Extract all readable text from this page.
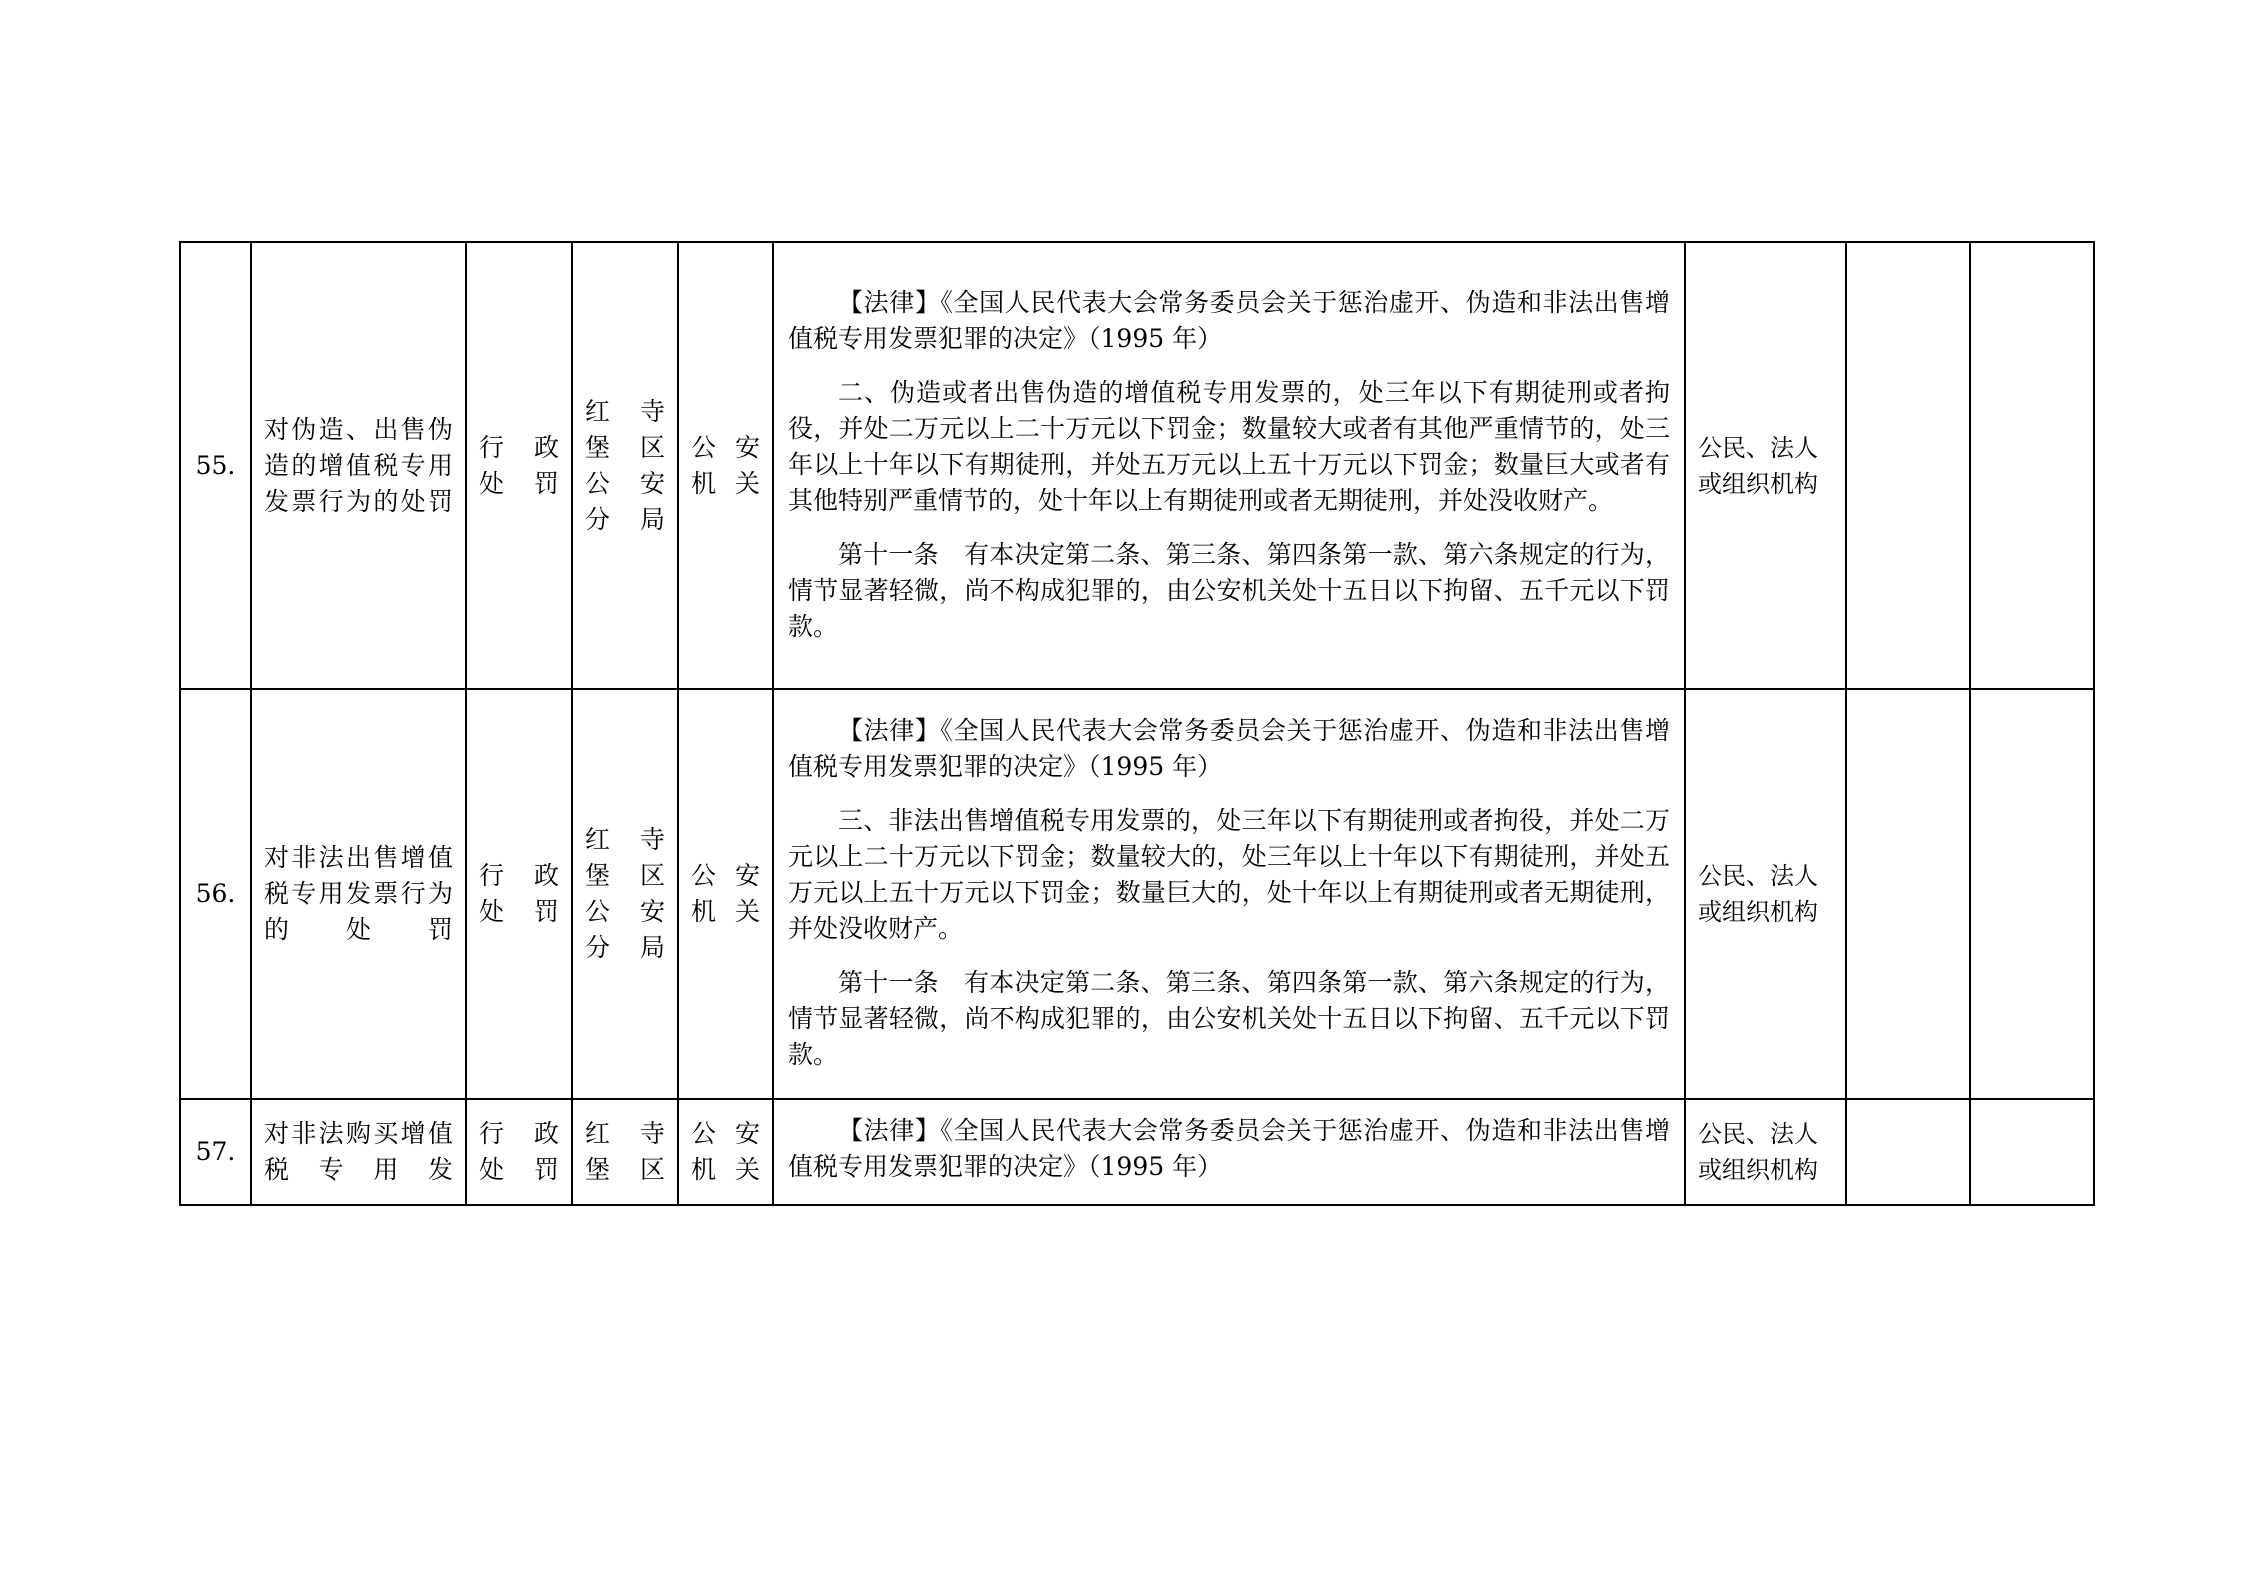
55.	对伪造、出售伪造的增值税专用发票行为的处罚	行 政 处罚	红 寺 堡 区 公 安 分局	公 安 机关	【法律】《全国人民代表大会常务委员会关于惩治虚开、伪造和非法出售增值税专用发票犯罪的决定》（1995 年）

二、伪造或者出售伪造的增值税专用发票的，处三年以下有期徒刑或者拘役，并处二万元以上二十万元以下罚金；数量较大或者有其他严重情节的，处三年以上十年以下有期徒刑，并处五万元以上五十万元以下罚金；数量巨大或者有其他特别严重情节的，处十年以上有期徒刑或者无期徒刑，并处没收财产。

第十一条　有本决定第二条、第三条、第四条第一款、第六条规定的行为，情节显著轻微，尚不构成犯罪的，由公安机关处十五日以下拘留、五千元以下罚款。	公民、法人或组织机构		
56.	对非法出售增值税专用发票行为的处罚	行 政 处罚	红 寺 堡 区 公 安 分局	公 安 机关	【法律】《全国人民代表大会常务委员会关于惩治虚开、伪造和非法出售增值税专用发票犯罪的决定》（1995 年）

三、非法出售增值税专用发票的，处三年以下有期徒刑或者拘役，并处二万元以上二十万元以下罚金；数量较大的，处三年以上十年以下有期徒刑，并处五万元以上五十万元以下罚金；数量巨大的，处十年以上有期徒刑或者无期徒刑，并处没收财产。

第十一条　有本决定第二条、第三条、第四条第一款、第六条规定的行为，情节显著轻微，尚不构成犯罪的，由公安机关处十五日以下拘留、五千元以下罚款。	公民、法人或组织机构		
57.	对非法购买增值税专用发	行 政 处罚	红 寺 堡 区	公 安 机关	【法律】《全国人民代表大会常务委员会关于惩治虚开、伪造和非法出售增值税专用发票犯罪的决定》（1995 年）	公民、法人或组织机构		
